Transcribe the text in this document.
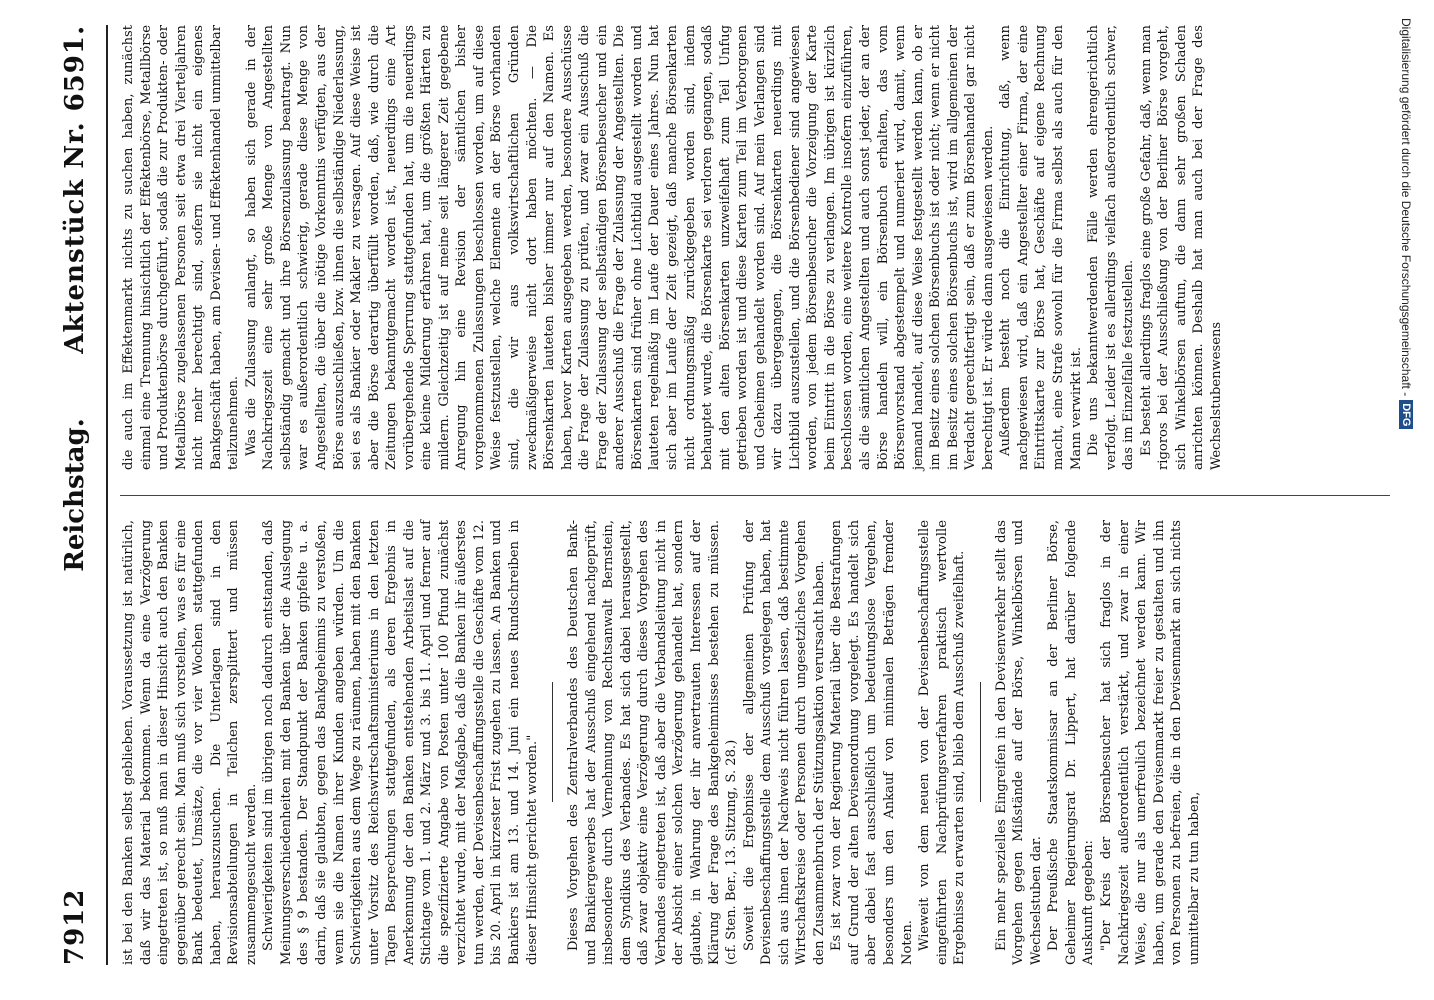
Reichstag.
7912
Aktenstück Nr. 6591.

ist bei den Banken selbst geblieben. Voraussetzung ist natürlich, daß wir das Material bekommen. Wenn da eine Verzögerung eingetreten ist, so muß man in dieser Hinsicht auch den Banken gegenüber gerecht sein. Man muß sich vorstellen, was es für eine Bank bedeutet, Umsätze, die vor vier Wochen stattgefunden haben, herauszusuchen. Die Unterlagen sind in den Revisionsabteilungen in Teilchen zersplittert und müssen zusammengesucht werden. Schwierigkeiten sind im übrigen noch dadurch entstanden, daß Meinungsverschiedenheiten mit den Banken über die Auslegung des § 9 bestanden. Der Standpunkt der Banken gipfelte u. a. darin, daß sie glaubten, gegen das Bankgeheimnis zu verstoßen, wenn sie die Namen ihrer Kunden angeben würden. Um die Schwierigkeiten aus dem Wege zu räumen, haben mit den Banken unter Vorsitz des Reichswirtschaftsministeriums in den letzten Tagen Besprechungen stattgefunden, als deren Ergebnis in Anerkennung der den Banken entstehenden Arbeitslast auf die Stichtage vom 1. und 2. März und 3. bis 11. April und ferner auf die spezifizierte Angabe von Posten unter 100 Pfund zunächst verzichtet wurde, mit der Maßgabe, daß die Banken ihr äußerstes tun werden, der Devisenbeschaffungsstelle die Geschäfte vom 12. bis 20. April in kürzester Frist zugehen zu lassen. An Banken und Bankiers ist am 13. und 14. Juni ein neues Rundschreiben in dieser Hinsicht gerichtet worden." Dieses Vorgehen des Zentralverbandes des Deutschen Bank- und Bankiergewerbes hat der Ausschuß eingehend nachgeprüft, insbesondere durch Vernehmung von Rechtsanwalt Bernstein, dem Syndikus des Verbandes. Es hat sich dabei herausgestellt, daß zwar objektiv eine Verzögerung durch dieses Vorgehen des Verbandes eingetreten ist, daß aber die Verbandsleitung nicht in der Absicht einer solchen Verzögerung gehandelt hat, sondern glaubte, in Wahrung der ihr anvertrauten Interessen auf der Klärung der Frage des Bankgeheimnisses bestehen zu müssen. (cf. Sten. Ber., 13. Sitzung, S. 28.) Soweit die Ergebnisse der allgemeinen Prüfung der Devisenbeschaffungsstelle dem Ausschuß vorgelegen haben, hat sich aus ihnen der Nachweis nicht führen lassen, daß bestimmte Wirtschaftskreise oder Personen durch ungesetzliches Vorgehen den Zusammenbruch der Stützungsaktion verursacht haben. Es ist zwar von der Regierung Material über die Bestrafungen auf Grund der alten Devisenordnung vorgelegt. Es handelt sich aber dabei fast ausschließlich um bedeutungslose Vergehen, besonders um den Ankauf von minimalen Beträgen fremder Noten. Wieweit von dem neuen von der Devisenbeschaffungsstelle eingeführten Nachprüfungsverfahren praktisch wertvolle Ergebnisse zu erwarten sind, blieb dem Ausschuß zweifelhaft. Ein mehr spezielles Eingreifen in den Devisenverkehr stellt das Vorgehen gegen Mißstände auf der Börse, Winkelbörsen und Wechselstuben dar. Der Preußische Staatskommissar an der Berliner Börse, Geheimer Regierungsrat Dr. Lippert, hat darüber folgende Auskunft gegeben: "Der Kreis der Börsenbesucher hat sich fraglos in der Nachkriegszeit außerordentlich verstärkt, und zwar in einer Weise, die nur als unerfreulich bezeichnet werden kann. Wir haben, um gerade den Devisenmarkt freier zu gestalten und ihn von Personen zu befreien, die in den Devisenmarkt an sich nichts unmittelbar zu tun haben,

die auch im Effektenmarkt nichts zu suchen haben, zunächst einmal eine Trennung hinsichtlich der Effektenbörse, Metallbörse und Produktenbörse durchgeführt, sodaß die zur Produkten- oder Metallbörse zugelassenen Personen seit etwa drei Vierteljahren nicht mehr berechtigt sind, sofern sie nicht ein eigenes Bankgeschäft haben, am Devisen- und Effektenhandel unmittelbar teilzunehmen. Was die Zulassung anlangt, so haben sich gerade in der Nachkriegszeit eine sehr große Menge von Angestellten selbständig gemacht und ihre Börsenzulassung beantragt. Nun war es außerordentlich schwierig, gerade diese Menge von Angestellten, die über die nötige Vorkenntnis verfügten, aus der Börse auszuschließen, bzw. ihnen die selbständige Niederlassung, sei es als Bankier oder Makler zu versagen. Auf diese Weise ist aber die Börse derartig überfüllt worden, daß, wie durch die Zeitungen bekanntgemacht worden ist, neuerdings eine Art vorübergehende Sperrung stattgefunden hat, um die neuerdings eine kleine Milderung erfahren hat, um die größten Härten zu mildern. Gleichzeitig ist auf meine seit längerer Zeit gegebene Anregung hin eine Revision der sämtlichen bisher vorgenommenen Zulassungen beschlossen worden, um auf diese Weise festzustellen, welche Elemente an der Börse vorhanden sind, die wir aus volkswirtschaftlichen Gründen zweckmäßigerweise nicht dort haben möchten. — Die Börsenkarten lauteten bisher immer nur auf den Namen. Es haben, bevor Karten ausgegeben werden, besondere Ausschüsse die Frage der Zulassung zu prüfen, und zwar ein Ausschuß die Frage der Zulassung der selbständigen Börsenbesucher und ein anderer Ausschuß die Frage der Zulassung der Angestellten. Die Börsenkarten sind früher ohne Lichtbild ausgestellt worden und lauteten regelmäßig im Laufe der Dauer eines Jahres. Nun hat sich aber im Laufe der Zeit gezeigt, daß manche Börsenkarten nicht ordnungsmäßig zurückgegeben worden sind, indem behauptet wurde, die Börsenkarte sei verloren gegangen, sodaß mit den alten Börsenkarten unzweifelhaft zum Teil Unfug getrieben worden ist und diese Karten zum Teil im Verborgenen und Geheimen gehandelt worden sind. Auf mein Verlangen sind wir dazu übergegangen, die Börsenkarten neuerdings mit Lichtbild auszustellen, und die Börsenbediener sind angewiesen worden, von jedem Börsenbesucher die Vorzeigung der Karte beim Eintritt in die Börse zu verlangen. Im übrigen ist kürzlich beschlossen worden, eine weitere Kontrolle insofern einzuführen, als die sämtlichen Angestellten und auch sonst jeder, der an der Börse handeln will, ein Börsenbuch erhalten, das vom Börsenvorstand abgestempelt und numeriert wird, damit, wenn jemand handelt, auf diese Weise festgestellt werden kann, ob er im Besitz eines solchen Börsenbuchs ist oder nicht; wenn er nicht im Besitz eines solchen Börsenbuchs ist, wird im allgemeinen der Verdacht gerechtfertigt sein, daß er zum Börsenhandel gar nicht berechtigt ist. Er würde dann ausgewiesen werden. Außerdem besteht noch die Einrichtung, daß, wenn nachgewiesen wird, daß ein Angestellter einer Firma, der eine Eintrittskarte zur Börse hat, Geschäfte auf eigene Rechnung macht, eine Strafe sowohl für die Firma selbst als auch für den Mann verwirkt ist. Die uns bekanntwerdenden Fälle werden ehrengerichtlich verfolgt. Leider ist es allerdings vielfach außerordentlich schwer, das im Einzelfalle festzustellen. Es besteht allerdings fraglos eine große Gefahr, daß, wenn man rigoros bei der Ausschließung von der Berliner Börse vorgeht, sich Winkelbörsen auftun, die dann sehr großen Schaden anrichten können. Deshalb hat man auch bei der Frage des Wechselstubenwesens	Digitalisierung gefördert durch die Deutsche Forschungsgemeinschaft -
DFG
